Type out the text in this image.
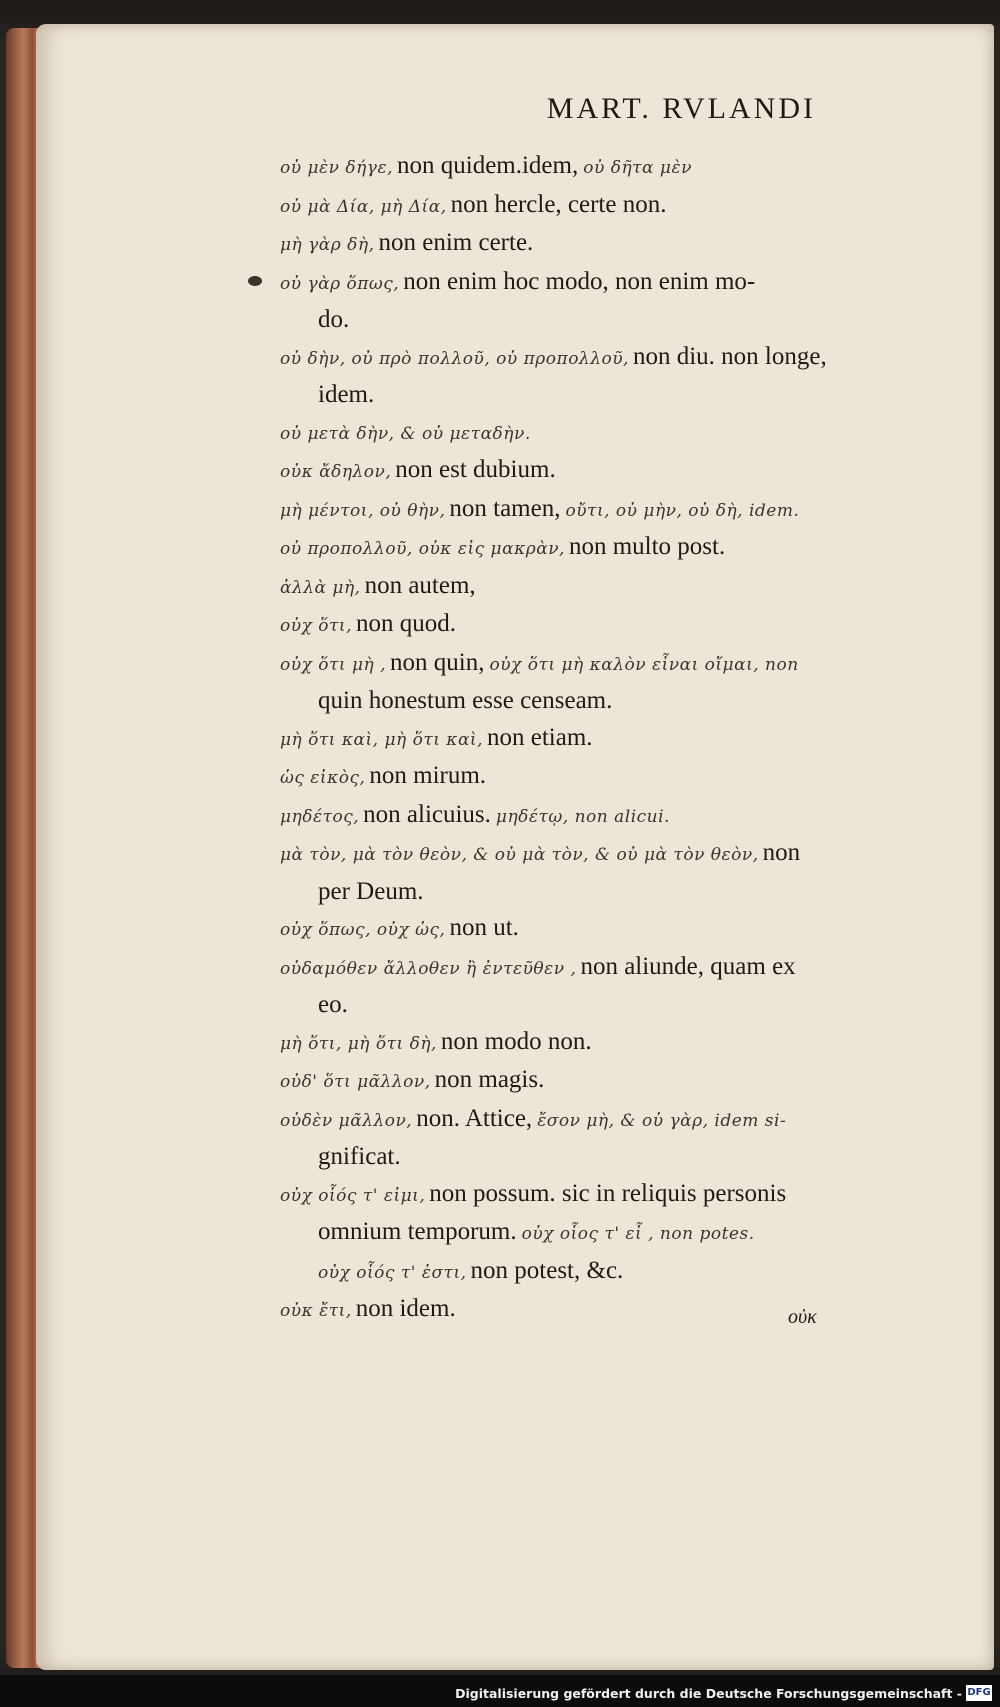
MART. RVLANDI
οὐ μὲν δήγε, non quidem.idem, οὐ δῆτα μὲν
οὐ μὰ Δία, μὴ Δία, non hercle, certe non.
μὴ γὰρ δὴ, non enim certe.
οὐ γὰρ ὅπως, non enim hoc modo, non enim mo-
do.
οὐ δὴν, οὐ πρὸ πολλοῦ, οὐ προπολλοῦ, non diu. non longe,
idem.
οὐ μετὰ δὴν, & οὐ μεταδὴν.
οὐκ ἄδηλον, non est dubium.
μὴ μέντοι, οὐ θὴν, non tamen, οὔτι, οὐ μὴν, οὐ δὴ, idem.
οὐ προπολλοῦ, οὐκ εἰς μακρὰν, non multo post.
ἀλλὰ μὴ, non autem,
οὐχ ὅτι, non quod.
οὐχ ὅτι μὴ , non quin, οὐχ ὅτι μὴ καλὸν εἶναι οἴμαι, non
quin honestum esse censeam.
μὴ ὅτι καὶ, μὴ ὅτι καὶ, non etiam.
ὡς εἰκὸς, non mirum.
μηδέτος, non alicuius. μηδέτῳ, non alicui.
μὰ τὸν, μὰ τὸν θεὸν, & οὐ μὰ τὸν, & οὐ μὰ τὸν θεὸν, non
per Deum.
οὐχ ὅπως, οὐχ ὡς, non ut.
οὐδαμόθεν ἄλλοθεν ἢ ἐντεῦθεν , non aliunde, quam ex
eo.
μὴ ὅτι, μὴ ὅτι δὴ, non modo non.
οὐδ' ὅτι μᾶλλον, non magis.
οὐδὲν μᾶλλον, non. Attice, ἔσον μὴ, & οὐ γὰρ, idem si-
gnificat.
οὐχ οἷός τ' εἰμι, non possum. sic in reliquis personis
omnium temporum. οὐχ οἷος τ' εἶ , non potes.
οὐχ οἷός τ' ἐστι, non potest, &c.
οὐκ ἔτι, non idem.	οὐκ
Digitalisierung gefördert durch die Deutsche Forschungsgemeinschaft - DFG
